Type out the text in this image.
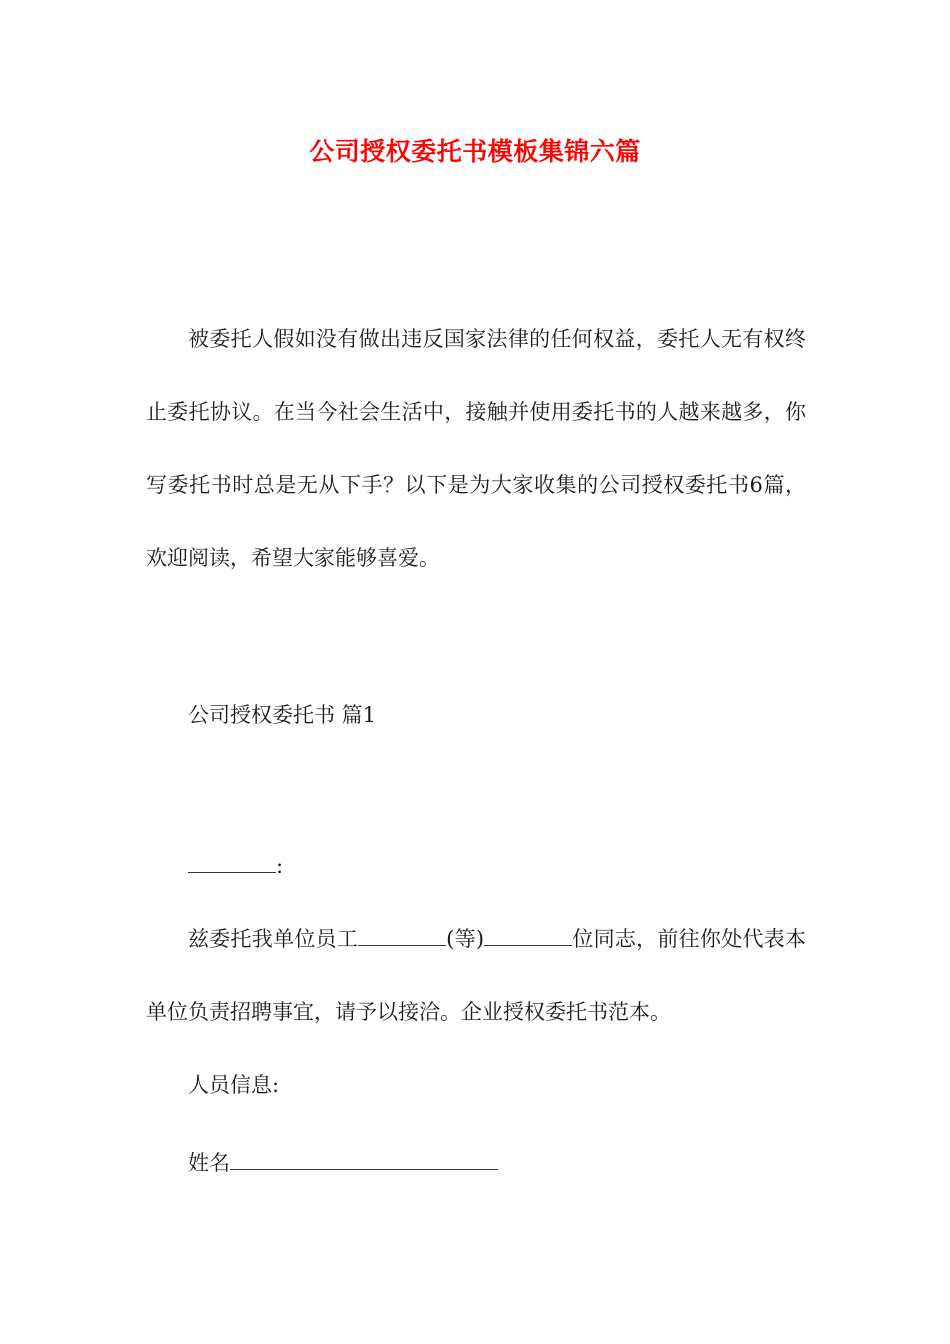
公司授权委托书模板集锦六篇

被委托人假如没有做出违反国家法律的任何权益，委托人无有权终止委托协议。在当今社会生活中，接触并使用委托书的人越来越多，你写委托书时总是无从下手？以下是为大家收集的公司授权委托书6篇，欢迎阅读，希望大家能够喜爱。

公司授权委托书 篇1

:

兹委托我单位员工	(等)	位同志，前往你处代表本单位负责招聘事宜，请予以接洽。企业授权委托书范本。

人员信息:

姓名
